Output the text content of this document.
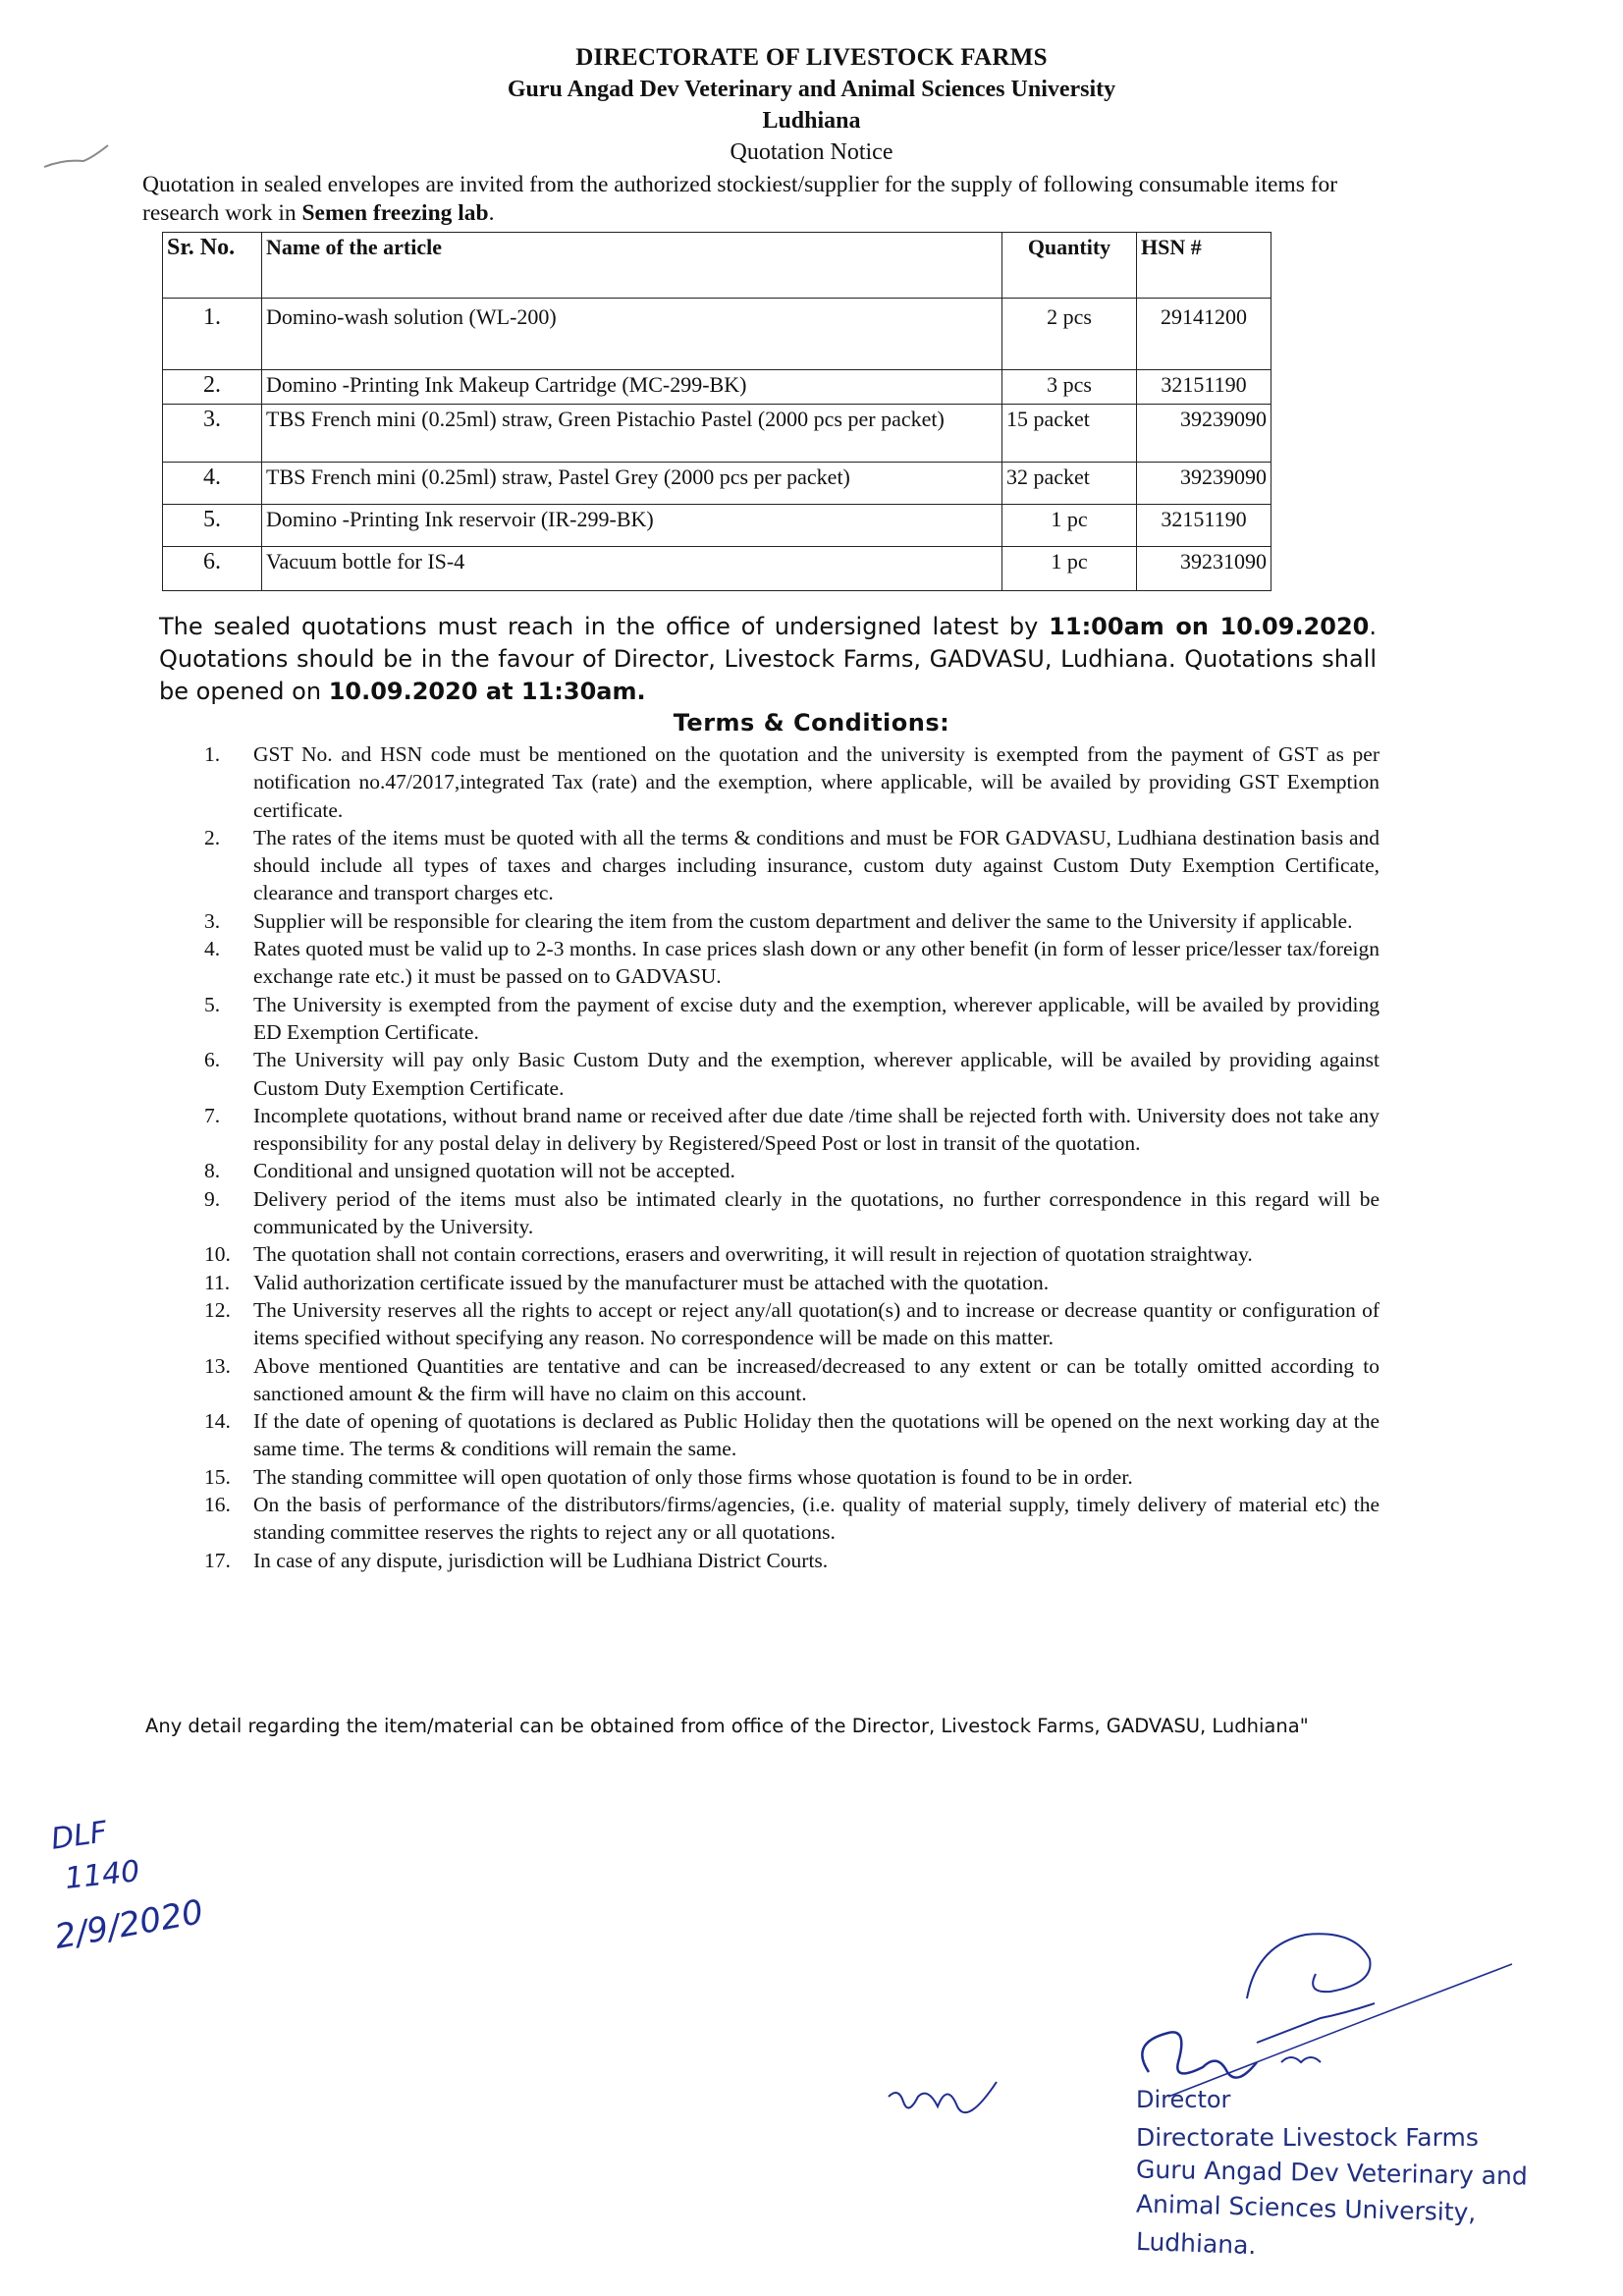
DIRECTORATE OF LIVESTOCK FARMS
Guru Angad Dev Veterinary and Animal Sciences University
Ludhiana
Quotation Notice
Quotation in sealed envelopes are invited from the authorized stockiest/supplier for the supply of following consumable items for research work in Semen freezing lab.
Sr. No.	Name of the article	Quantity	HSN #
1.	Domino-wash solution (WL-200)	2 pcs	29141200
2.	Domino -Printing Ink Makeup Cartridge (MC-299-BK)	3 pcs	32151190
3.	TBS French mini (0.25ml) straw, Green Pistachio Pastel (2000 pcs per packet)	15 packet	39239090
4.	TBS French mini (0.25ml) straw, Pastel Grey (2000 pcs per packet)	32 packet	39239090
5.	Domino -Printing Ink reservoir (IR-299-BK)	1 pc	32151190
6.	Vacuum bottle for IS-4	1 pc	39231090
The sealed quotations must reach in the office of undersigned latest by 11:00am on 10.09.2020. Quotations should be in the favour of Director, Livestock Farms, GADVASU, Ludhiana. Quotations shall be opened on 10.09.2020 at 11:30am.
Terms & Conditions:
1. GST No. and HSN code must be mentioned on the quotation and the university is exempted from the payment of GST as per notification no.47/2017,integrated Tax (rate) and the exemption, where applicable, will be availed by providing GST Exemption certificate.
2. The rates of the items must be quoted with all the terms & conditions and must be FOR GADVASU, Ludhiana destination basis and should include all types of taxes and charges including insurance, custom duty against Custom Duty Exemption Certificate, clearance and transport charges etc.
3. Supplier will be responsible for clearing the item from the custom department and deliver the same to the University if applicable.
4. Rates quoted must be valid up to 2-3 months. In case prices slash down or any other benefit (in form of lesser price/lesser tax/foreign exchange rate etc.) it must be passed on to GADVASU.
5. The University is exempted from the payment of excise duty and the exemption, wherever applicable, will be availed by providing ED Exemption Certificate.
6. The University will pay only Basic Custom Duty and the exemption, wherever applicable, will be availed by providing against Custom Duty Exemption Certificate.
7. Incomplete quotations, without brand name or received after due date /time shall be rejected forth with. University does not take any responsibility for any postal delay in delivery by Registered/Speed Post or lost in transit of the quotation.
8. Conditional and unsigned quotation will not be accepted.
9. Delivery period of the items must also be intimated clearly in the quotations, no further correspondence in this regard will be communicated by the University.
10. The quotation shall not contain corrections, erasers and overwriting, it will result in rejection of quotation straightway.
11. Valid authorization certificate issued by the manufacturer must be attached with the quotation.
12. The University reserves all the rights to accept or reject any/all quotation(s) and to increase or decrease quantity or configuration of items specified without specifying any reason. No correspondence will be made on this matter.
13. Above mentioned Quantities are tentative and can be increased/decreased to any extent or can be totally omitted according to sanctioned amount & the firm will have no claim on this account.
14. If the date of opening of quotations is declared as Public Holiday then the quotations will be opened on the next working day at the same time. The terms & conditions will remain the same.
15. The standing committee will open quotation of only those firms whose quotation is found to be in order.
16. On the basis of performance of the distributors/firms/agencies, (i.e. quality of material supply, timely delivery of material etc) the standing committee reserves the rights to reject any or all quotations.
17. In case of any dispute, jurisdiction will be Ludhiana District Courts.
Any detail regarding the item/material can be obtained from office of the Director, Livestock Farms, GADVASU, Ludhiana"
DLF
1140
2/9/2020
Director
Directorate Livestock Farms
Guru Angad Dev Veterinary and
Animal Sciences University,
Ludhiana.
